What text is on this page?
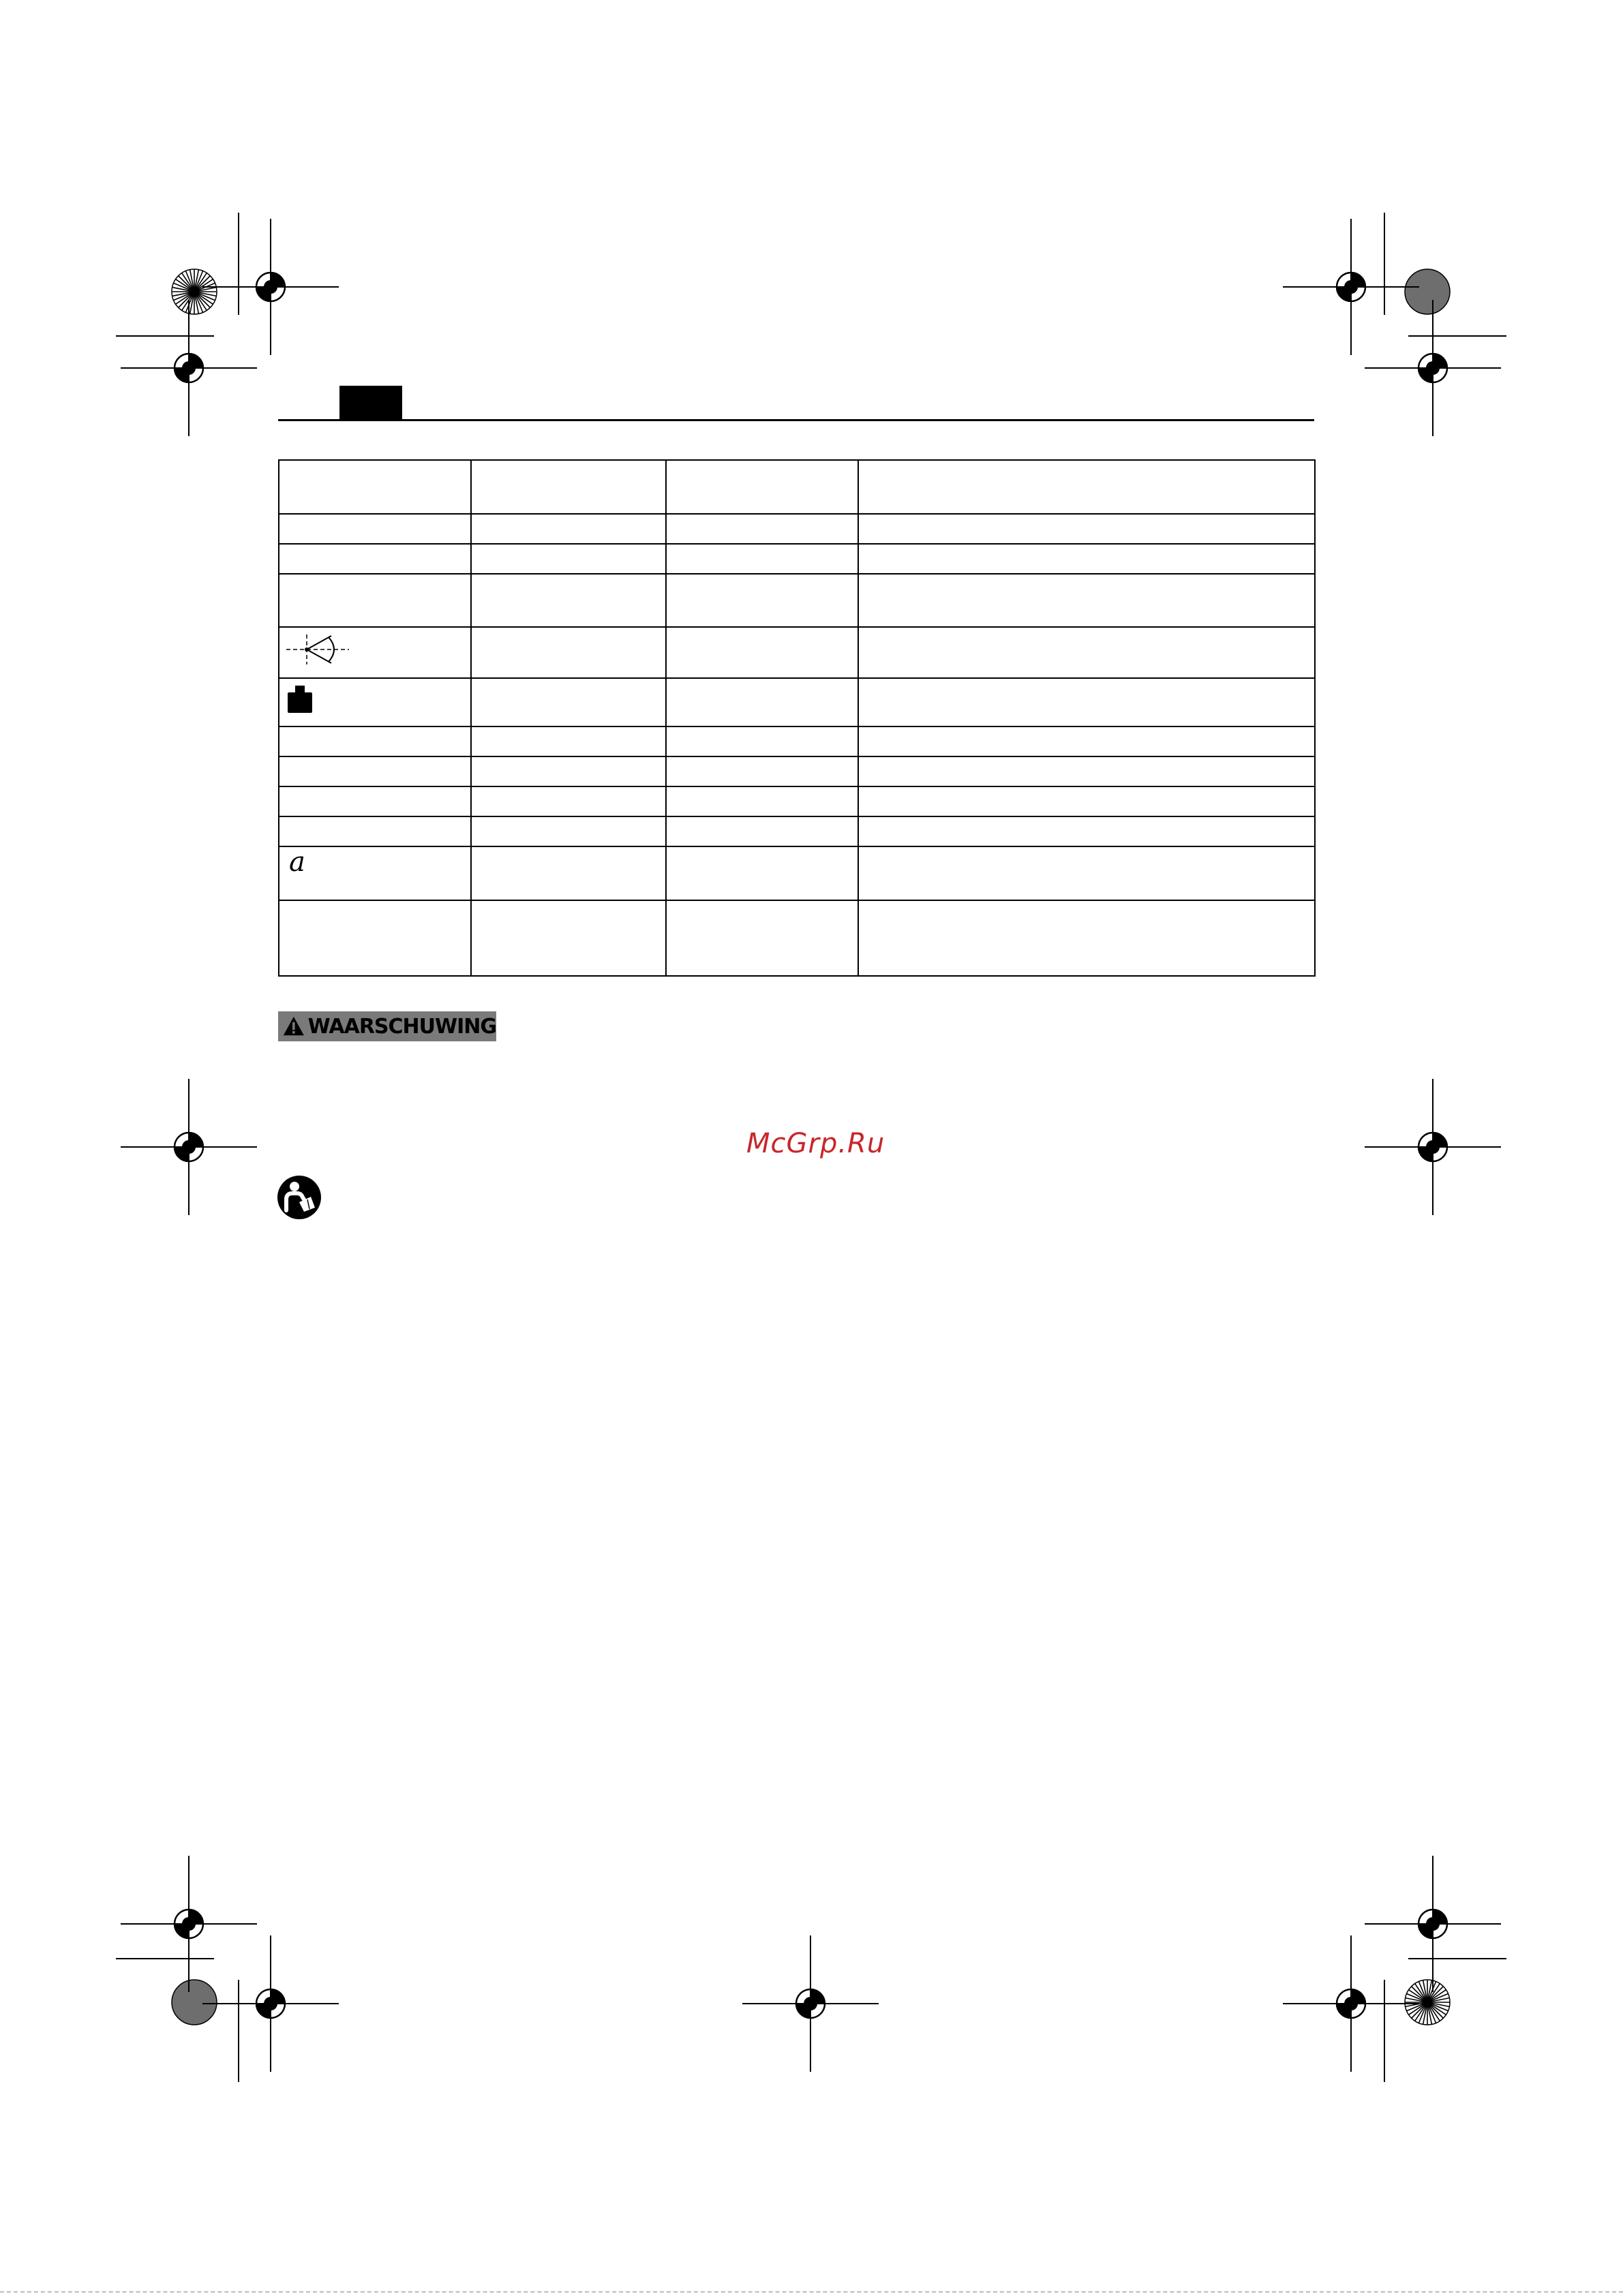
a			

WAARSCHUWING
McGrp.Ru
